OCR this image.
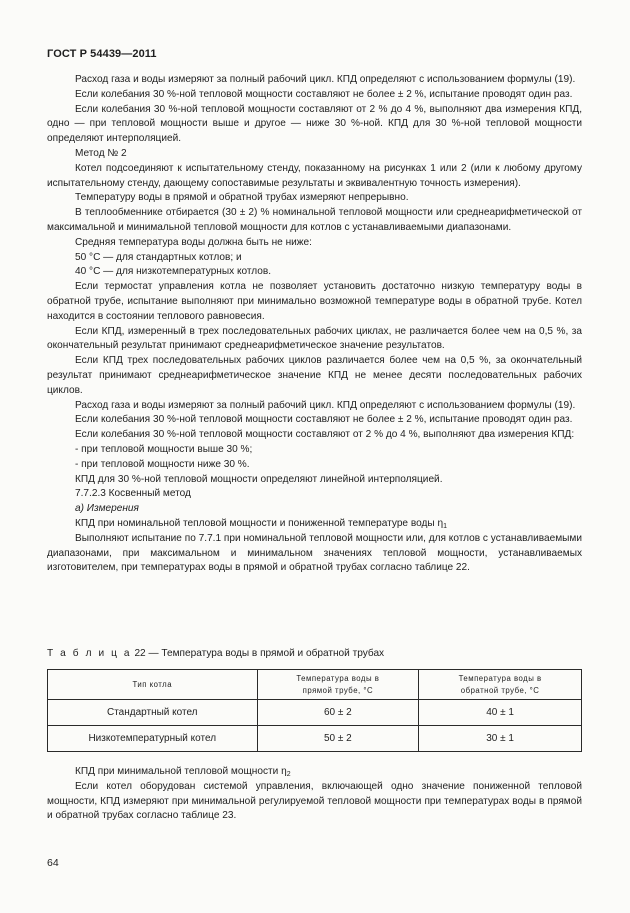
ГОСТ Р 54439—2011

Расход газа и воды измеряют за полный рабочий цикл. КПД определяют с использованием формулы (19).

Если колебания 30 %-ной тепловой мощности составляют не более ± 2 %, испытание проводят один раз.

Если колебания 30 %-ной тепловой мощности составляют от 2 % до 4 %, выполняют два измерения КПД, одно — при тепловой мощности выше и другое — ниже 30 %-ной. КПД для 30 %-ной тепловой мощности определяют интерполяцией.

Метод № 2

Котел подсоединяют к испытательному стенду, показанному на рисунках 1 или 2 (или к любому другому испытательному стенду, дающему сопоставимые результаты и эквивалентную точность измерения).

Температуру воды в прямой и обратной трубах измеряют непрерывно.

В теплообменнике отбирается (30 ± 2) % номинальной тепловой мощности или среднеарифметической от максимальной и минимальной тепловой мощности для котлов с устанавливаемыми диапазонами.

Средняя температура воды должна быть не ниже:

50 °С — для стандартных котлов; и

40 °С — для низкотемпературных котлов.

Если термостат управления котла не позволяет установить достаточно низкую температуру воды в обратной трубе, испытание выполняют при минимально возможной температуре воды в обратной трубе. Котел находится в состоянии теплового равновесия.

Если КПД, измеренный в трех последовательных рабочих циклах, не различается более чем на 0,5 %, за окончательный результат принимают среднеарифметическое значение результатов.

Если КПД трех последовательных рабочих циклов различается более чем на 0,5 %, за окончательный результат принимают среднеарифметическое значение КПД не менее десяти последовательных рабочих циклов.

Расход газа и воды измеряют за полный рабочий цикл. КПД определяют с использованием формулы (19).

Если колебания 30 %-ной тепловой мощности составляют не более ± 2 %, испытание проводят один раз.

Если колебания 30 %-ной тепловой мощности составляют от 2 % до 4 %, выполняют два измерения КПД:

- при тепловой мощности выше 30 %;

- при тепловой мощности ниже 30 %.

КПД для 30 %-ной тепловой мощности определяют линейной интерполяцией.

7.7.2.3 Косвенный метод

а) Измерения

КПД при номинальной тепловой мощности и пониженной температуре воды $\eta_1$

Выполняют испытание по 7.7.1 при номинальной тепловой мощности или, для котлов с устанавливаемыми диапазонами, при максимальном и минимальном значениях тепловой мощности, устанавливаемых изготовителем, при температурах воды в прямой и обратной трубах согласно таблице 22.

Т а б л и ц а 22 — Температура воды в прямой и обратной трубах
Тип котла	Температура воды в прямой трубе, °С	Температура воды в обратной трубе, °С

Стандартный котел	60 ± 2	40 ± 1
Низкотемпературный котел	50 ± 2	30 ± 1

КПД при минимальной тепловой мощности $\eta_2$

Если котел оборудован системой управления, включающей одно значение пониженной тепловой мощности, КПД измеряют при минимальной регулируемой тепловой мощности при температурах воды в прямой и обратной трубах согласно таблице 23.

64
